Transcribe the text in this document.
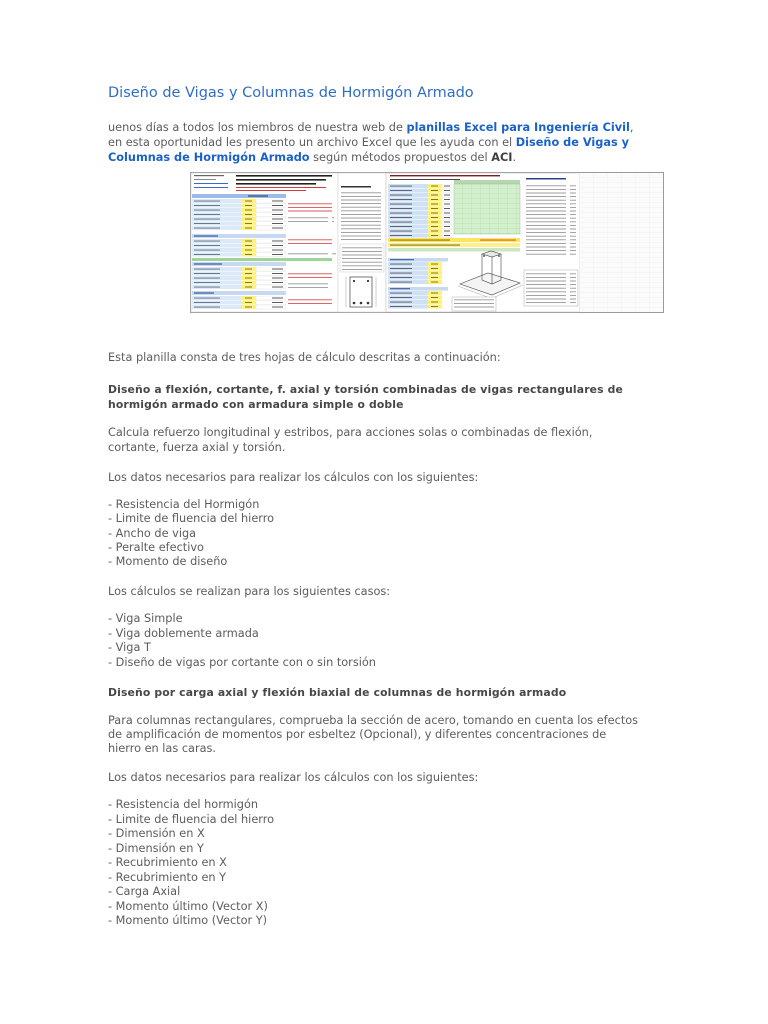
Diseño de Vigas y Columnas de Hormigón Armado

uenos días a todos los miembros de nuestra web de planillas Excel para Ingeniería Civil,
en esta oportunidad les presento un archivo Excel que les ayuda con el Diseño de Vigas y
Columnas de Hormigón Armado según métodos propuestos del ACI.

Esta planilla consta de tres hojas de cálculo descritas a continuación:

Diseño a flexión, cortante, f. axial y torsión combinadas de vigas rectangulares de
hormigón armado con armadura simple o doble

Calcula refuerzo longitudinal y estribos, para acciones solas o combinadas de flexión,
cortante, fuerza axial y torsión.

Los datos necesarios para realizar los cálculos con los siguientes:

- Resistencia del Hormigón
- Limite de fluencia del hierro
- Ancho de viga
- Peralte efectivo
- Momento de diseño

Los cálculos se realizan para los siguientes casos:

- Viga Simple
- Viga doblemente armada
- Viga T
- Diseño de vigas por cortante con o sin torsión

Diseño por carga axial y flexión biaxial de columnas de hormigón armado

Para columnas rectangulares, comprueba la sección de acero, tomando en cuenta los efectos
de amplificación de momentos por esbeltez (Opcional), y diferentes concentraciones de
hierro en las caras.

Los datos necesarios para realizar los cálculos con los siguientes:

- Resistencia del hormigón
- Limite de fluencia del hierro
- Dimensión en X
- Dimensión en Y
- Recubrimiento en X
- Recubrimiento en Y
- Carga Axial
- Momento último (Vector X)
- Momento último (Vector Y)
